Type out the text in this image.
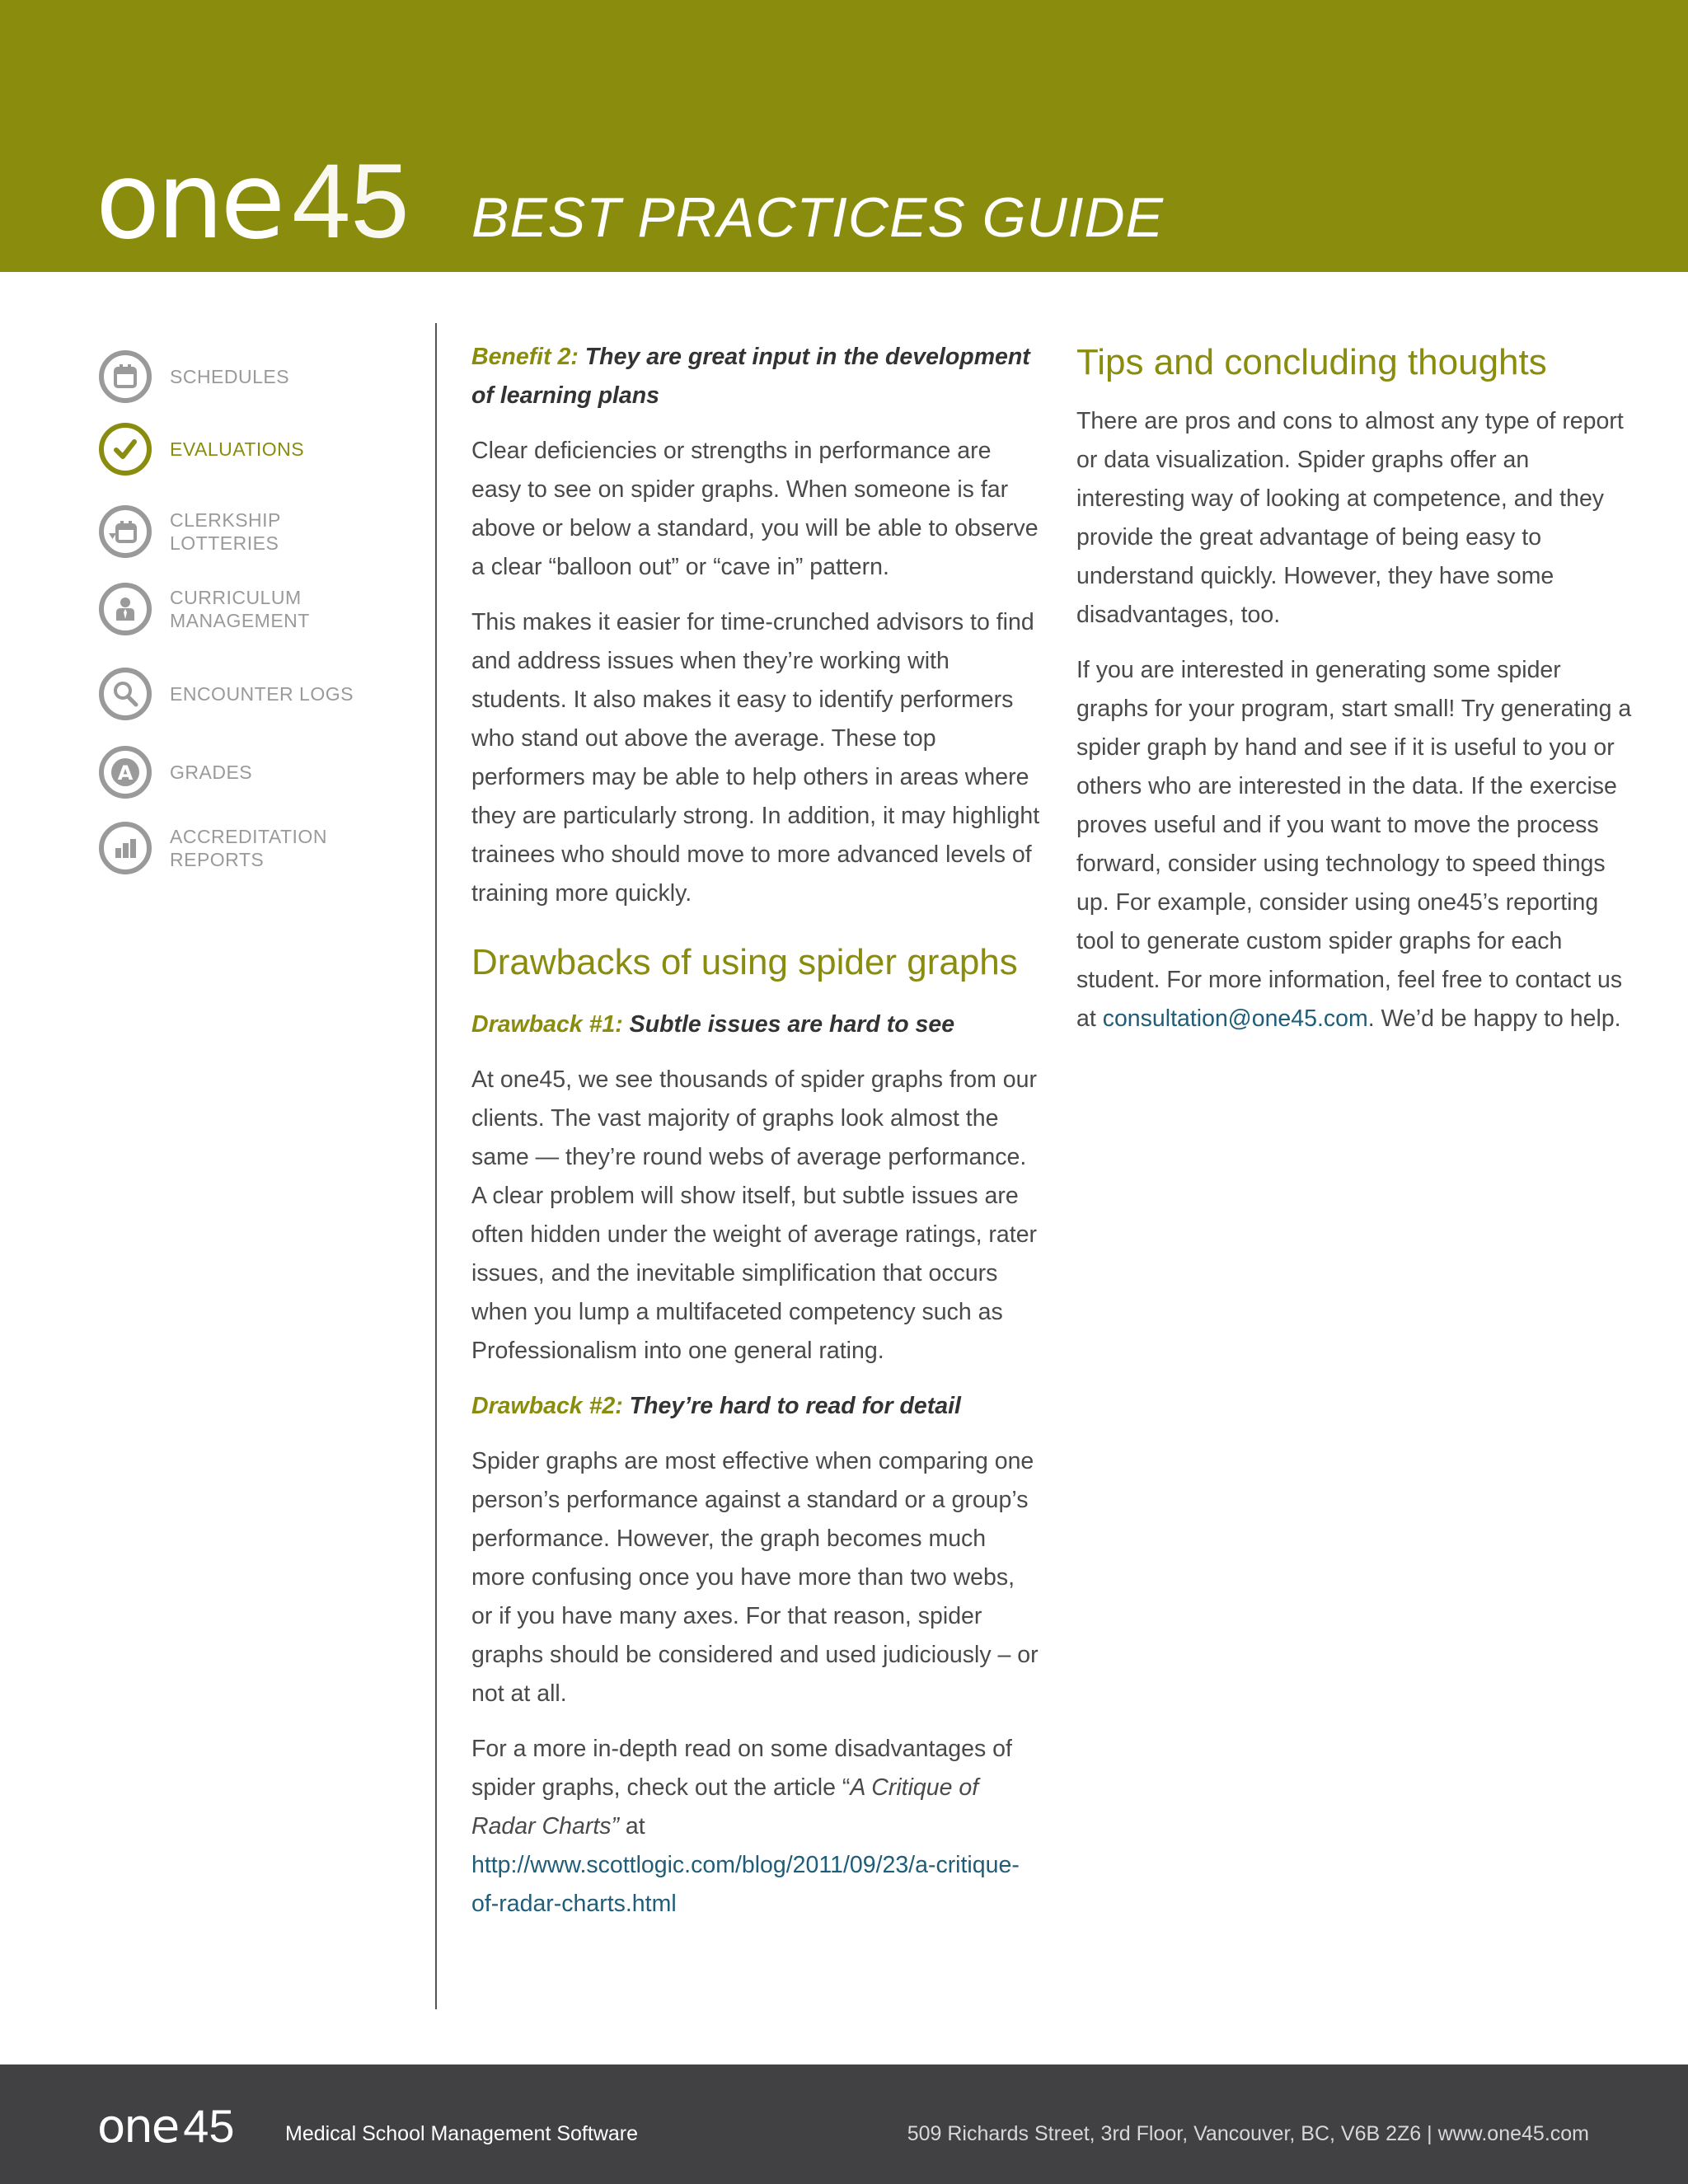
one45 BEST PRACTICES GUIDE
SCHEDULES
EVALUATIONS
CLERKSHIP
LOTTERIES
CURRICULUM
MANAGEMENT
ENCOUNTER LOGS
A GRADES
ACCREDITATION
REPORTS
Benefit 2: They are great input in the development of learning plans

Clear deficiencies or strengths in performance are easy to see on spider graphs. When someone is far above or below a standard, you will be able to observe a clear “balloon out” or “cave in” pattern.

This makes it easier for time-crunched advisors to find and address issues when they’re working with students. It also makes it easy to identify performers who stand out above the average. These top performers may be able to help others in areas where they are particularly strong. In addition, it may highlight trainees who should move to more advanced levels of training more quickly.

Drawbacks of using spider graphs
Drawback #1: Subtle issues are hard to see

At one45, we see thousands of spider graphs from our clients. The vast majority of graphs look almost the same — they’re round webs of average performance. A clear problem will show itself, but subtle issues are often hidden under the weight of average ratings, rater issues, and the inevitable simplification that occurs when you lump a multifaceted competency such as Professionalism into one general rating.

Drawback #2: They’re hard to read for detail

Spider graphs are most effective when comparing one person’s performance against a standard or a group’s performance. However, the graph becomes much more confusing once you have more than two webs, or if you have many axes. For that reason, spider graphs should be considered and used judiciously – or not at all.

For a more in-depth read on some disadvantages of spider graphs, check out the article “A Critique of Radar Charts” at http://www.scottlogic.com/blog/2011/09/23/a-critique-of-radar-charts.html

Tips and concluding thoughts

There are pros and cons to almost any type of report or data visualization. Spider graphs offer an interesting way of looking at competence, and they provide the great advantage of being easy to understand quickly. However, they have some disadvantages, too.

If you are interested in generating some spider graphs for your program, start small! Try generating a spider graph by hand and see if it is useful to you or others who are interested in the data. If the exercise proves useful and if you want to move the process forward, consider using technology to speed things up. For example, consider using one45’s reporting tool to generate custom spider graphs for each student. For more information, feel free to contact us at consultation@one45.com. We’d be happy to help.

one 45 Medical School Management Software	509 Richards Street, 3rd Floor, Vancouver, BC, V6B 2Z6 | www.one45.com
